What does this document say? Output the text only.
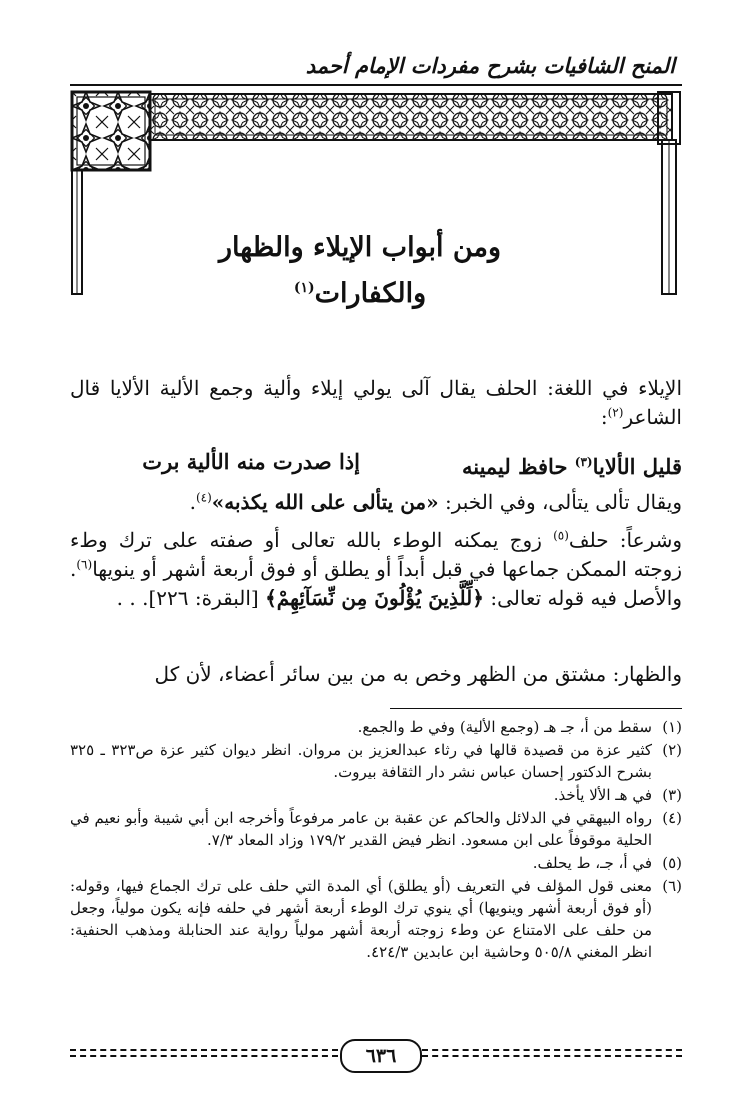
المنح الشافيات بشرح مفردات الإمام أحمد
ومن أبواب الإيلاء والظهار والكفارات$^{(١)}$

الإيلاء في اللغة: الحلف يقال آلى يولي إيلاء وألية وجمع الألية الألايا قال الشاعر$^{(٢)}$:

قليل الألايا$^{(٣)}$ حافظ ليمينه
إذا صدرت منه الألية برت

ويقال تألى يتألى، وفي الخبر: «من يتألى على الله يكذبه»$^{(٤)}$.

وشرعاً: حلف$^{(٥)}$ زوج يمكنه الوطء بالله تعالى أو صفته على ترك وطء زوجته الممكن جماعها في قبل أبداً أو يطلق أو فوق أربعة أشهر أو ينويها$^{(٦)}$. والأصل فيه قوله تعالى: ﴿لِّلَّذِينَ يُؤْلُونَ مِن نِّسَآئِهِمْ﴾ [البقرة: ٢٢٦]. . .

والظهار: مشتق من الظهر وخص به من بين سائر أعضاء، لأن كل

(١)
سقط من أ، جـ هـ (وجمع الألية) وفي ط والجمع.
(٢)
كثير عزة من قصيدة قالها في رثاء عبدالعزيز بن مروان. انظر ديوان كثير عزة ص٣٢٣ ـ ٣٢٥ بشرح الدكتور إحسان عباس نشر دار الثقافة بيروت.
(٣)
في هـ الألا يأخذ.
(٤)
رواه البيهقي في الدلائل والحاكم عن عقبة بن عامر مرفوعاً وأخرجه ابن أبي شيبة وأبو نعيم في الحلية موقوفاً على ابن مسعود. انظر فيض القدير ١٧٩/٢ وزاد المعاد ٧/٣.
(٥)
في أ، جـ، ط يحلف.
(٦)
معنى قول المؤلف في التعريف (أو يطلق) أي المدة التي حلف على ترك الجماع فيها، وقوله: (أو فوق أربعة أشهر وينويها) أي ينوي ترك الوطء أربعة أشهر في حلفه فإنه يكون مولياً، وجعل من حلف على الامتناع عن وطء زوجته أربعة أشهر مولياً رواية عند الحنابلة ومذهب الحنفية: انظر المغني ٥٠٥/٨ وحاشية ابن عابدين ٤٢٤/٣.
٦٣٦
